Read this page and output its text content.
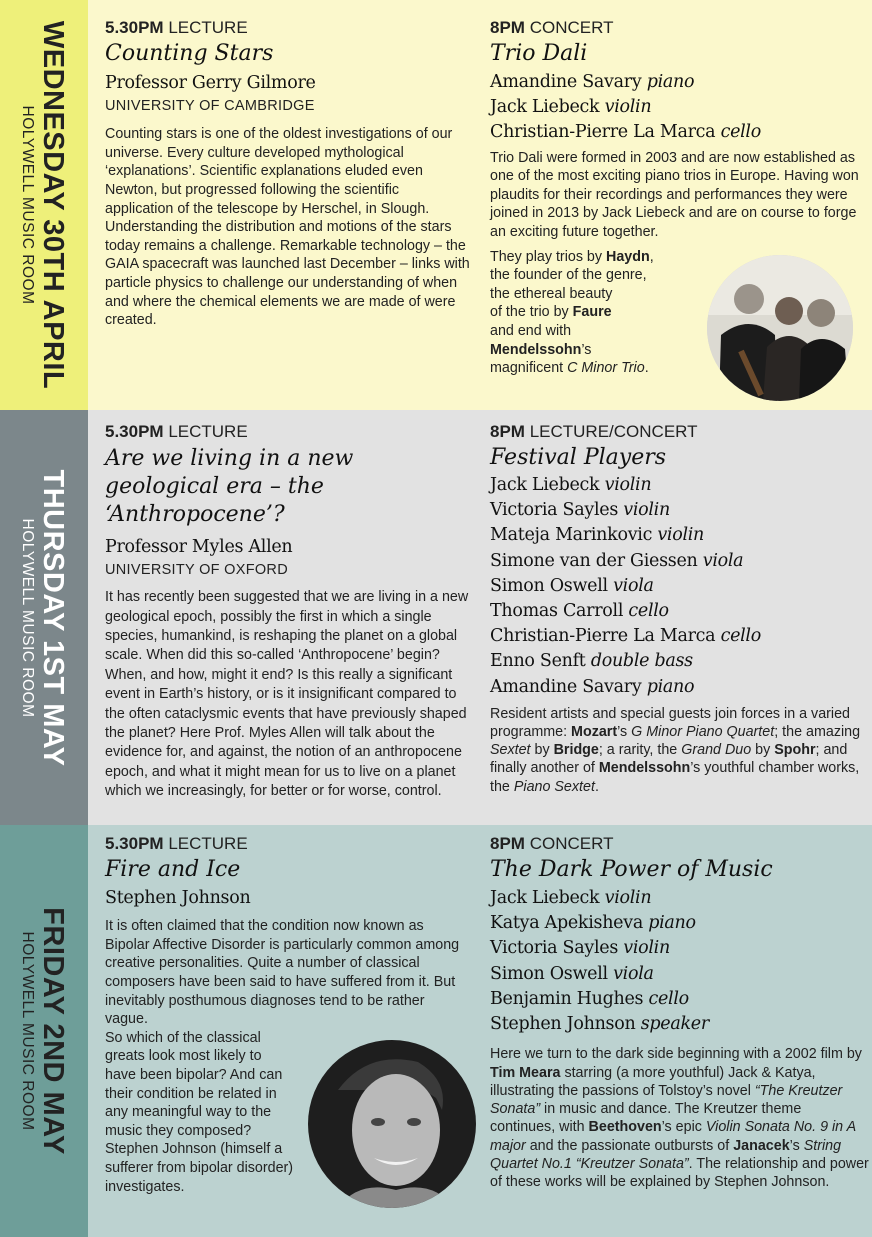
WEDNESDAY 30TH APRIL
HOLYWELL MUSIC ROOM
5.30PM LECTURE
Counting Stars
Professor Gerry Gilmore
UNIVERSITY OF CAMBRIDGE
Counting stars is one of the oldest investigations of our universe. Every culture developed mythological ‘explanations’. Scientific explanations eluded even Newton, but progressed following the scientific application of the telescope by Herschel, in Slough. Understanding the distribution and motions of the stars today remains a challenge. Remarkable technology – the GAIA spacecraft was launched last December – links with particle physics to challenge our understanding of when and where the chemical elements we are made of were created.
8PM CONCERT
Trio Dali
Amandine Savary piano
Jack Liebeck violin
Christian-Pierre La Marca cello
Trio Dali were formed in 2003 and are now established as one of the most exciting piano trios in Europe. Having won plaudits for their recordings and performances they were joined in 2013 by Jack Liebeck and are on course to forge an exciting future together.
They play trios by Haydn,
the founder of the genre,
the ethereal beauty
of the trio by Faure
and end with
Mendelssohn’s
magnificent C Minor Trio.
THURSDAY 1ST MAY
HOLYWELL MUSIC ROOM
5.30PM LECTURE
Are we living in a new geological era – the ‘Anthropocene’?
Professor Myles Allen
UNIVERSITY OF OXFORD
It has recently been suggested that we are living in a new geological epoch, possibly the first in which a single species, humankind, is reshaping the planet on a global scale. When did this so-called ‘Anthropocene’ begin? When, and how, might it end? Is this really a significant event in Earth’s history, or is it insignificant compared to the often cataclysmic events that have previously shaped the planet? Here Prof. Myles Allen will talk about the evidence for, and against, the notion of an anthropocene epoch, and what it might mean for us to live on a planet which we increasingly, for better or for worse, control.
8PM LECTURE/CONCERT
Festival Players
Jack Liebeck violin
Victoria Sayles violin
Mateja Marinkovic violin
Simone van der Giessen viola
Simon Oswell viola
Thomas Carroll cello
Christian-Pierre La Marca cello
Enno Senft double bass
Amandine Savary piano
Resident artists and special guests join forces in a varied programme: Mozart’s G Minor Piano Quartet; the amazing Sextet by Bridge; a rarity, the Grand Duo by Spohr; and finally another of Mendelssohn’s youthful chamber works, the Piano Sextet.
FRIDAY 2ND MAY
HOLYWELL MUSIC ROOM
5.30PM LECTURE
Fire and Ice
Stephen Johnson
It is often claimed that the condition now known as Bipolar Affective Disorder is particularly common among creative personalities. Quite a number of classical composers have been said to have suffered from it. But inevitably posthumous diagnoses tend to be rather vague.
So which of the classical greats look most likely to have been bipolar? And can their condition be related in any meaningful way to the music they composed? Stephen Johnson (himself a sufferer from bipolar disorder) investigates.
8PM CONCERT
The Dark Power of Music
Jack Liebeck violin
Katya Apekisheva piano
Victoria Sayles violin
Simon Oswell viola
Benjamin Hughes cello
Stephen Johnson speaker
Here we turn to the dark side beginning with a 2002 film by Tim Meara starring (a more youthful) Jack & Katya, illustrating the passions of Tolstoy’s novel “The Kreutzer Sonata” in music and dance. The Kreutzer theme continues, with Beethoven’s epic Violin Sonata No. 9 in A major and the passionate outbursts of Janacek’s String Quartet No.1 “Kreutzer Sonata”. The relationship and power of these works will be explained by Stephen Johnson.
